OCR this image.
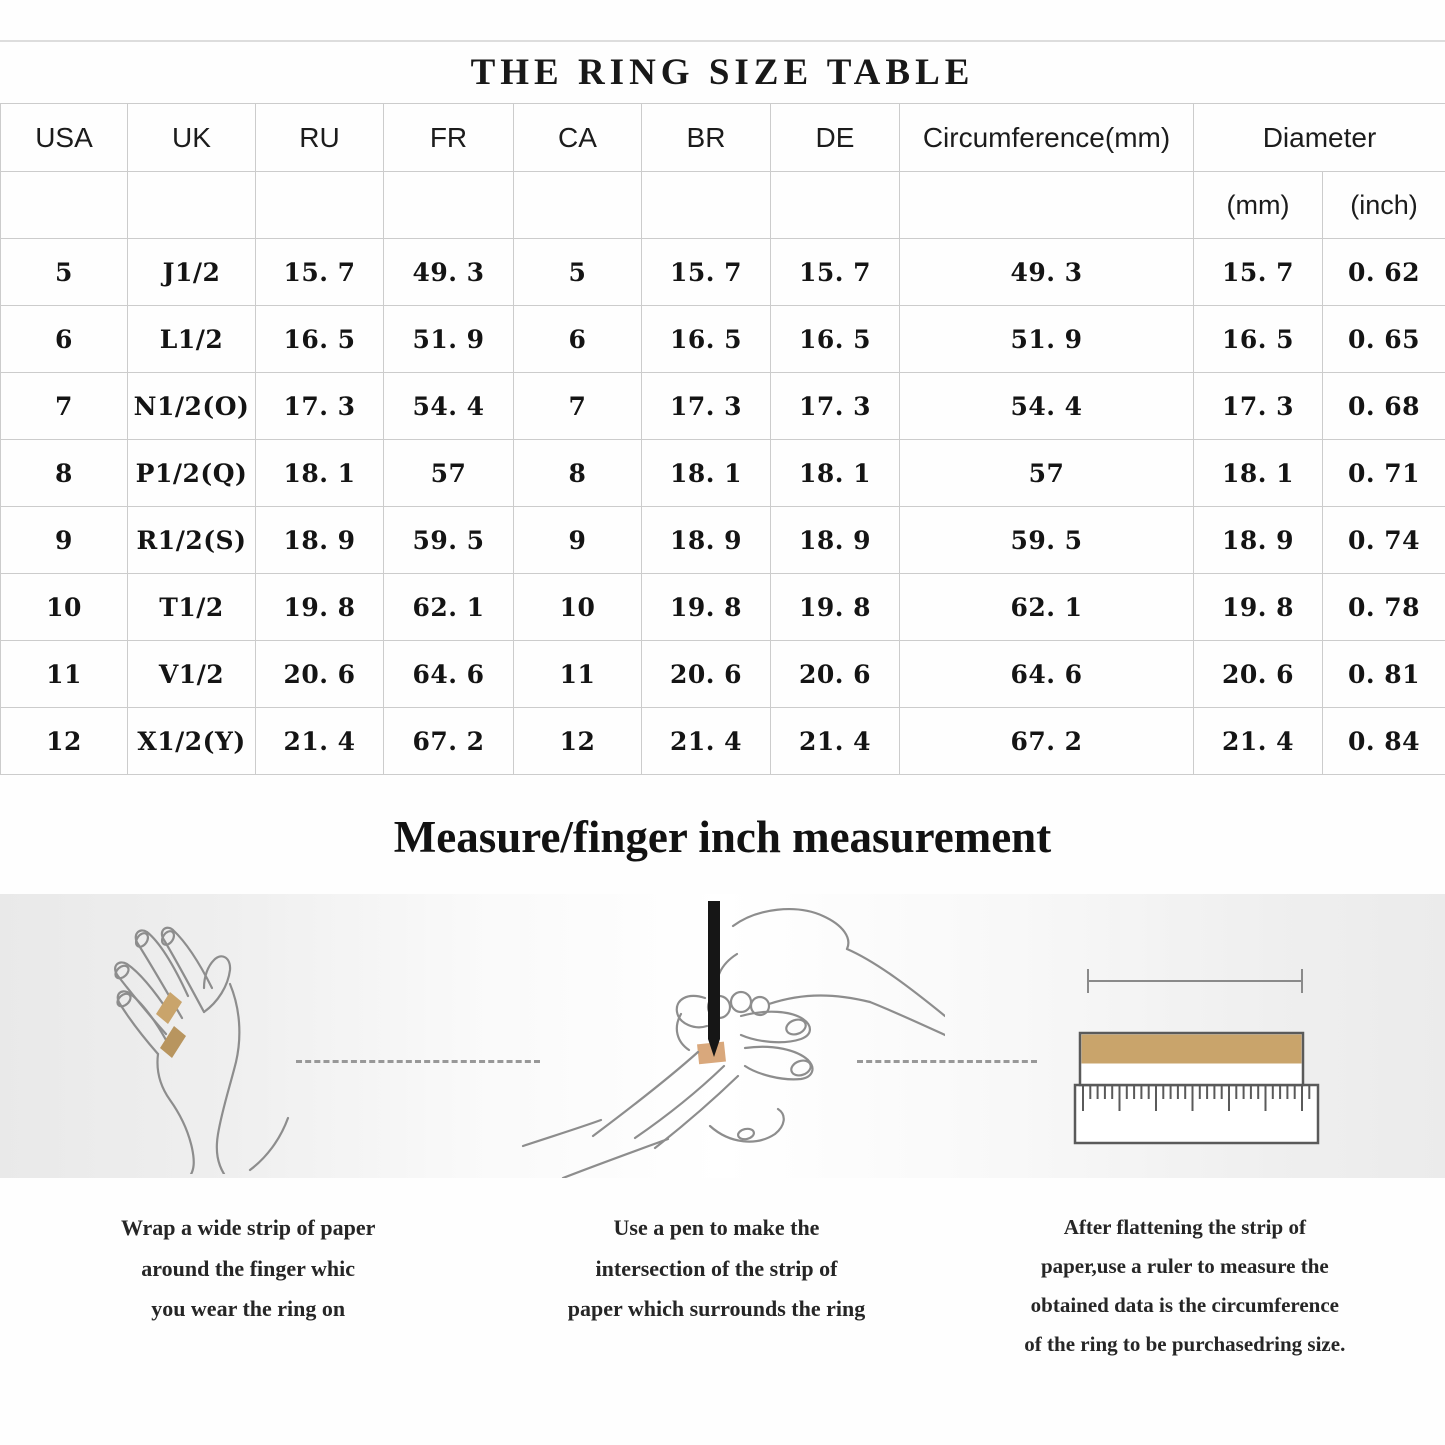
THE RING SIZE TABLE
USA	UK	RU	FR	CA	BR	DE	Circumference(mm)	Diameter	
								(mm)	(inch)
5	J1/2	15. 7	49. 3	5	15. 7	15. 7	49. 3	15. 7	0. 62
6	L1/2	16. 5	51. 9	6	16. 5	16. 5	51. 9	16. 5	0. 65
7	N1/2(O)	17. 3	54. 4	7	17. 3	17. 3	54. 4	17. 3	0. 68
8	P1/2(Q)	18. 1	57	8	18. 1	18. 1	57	18. 1	0. 71
9	R1/2(S)	18. 9	59. 5	9	18. 9	18. 9	59. 5	18. 9	0. 74
10	T1/2	19. 8	62. 1	10	19. 8	19. 8	62. 1	19. 8	0. 78
11	V1/2	20. 6	64. 6	11	20. 6	20. 6	64. 6	20. 6	0. 81
12	X1/2(Y)	21. 4	67. 2	12	21. 4	21. 4	67. 2	21. 4	0. 84
Measure/finger inch measurement
Wrap a wide strip of paper
around the finger whic
you wear the ring on
Use a pen to make the
intersection of the strip of
paper which surrounds the ring
After flattening the strip of
paper,use a ruler to measure the
obtained data is the circumference
of the ring to be purchasedring size.
